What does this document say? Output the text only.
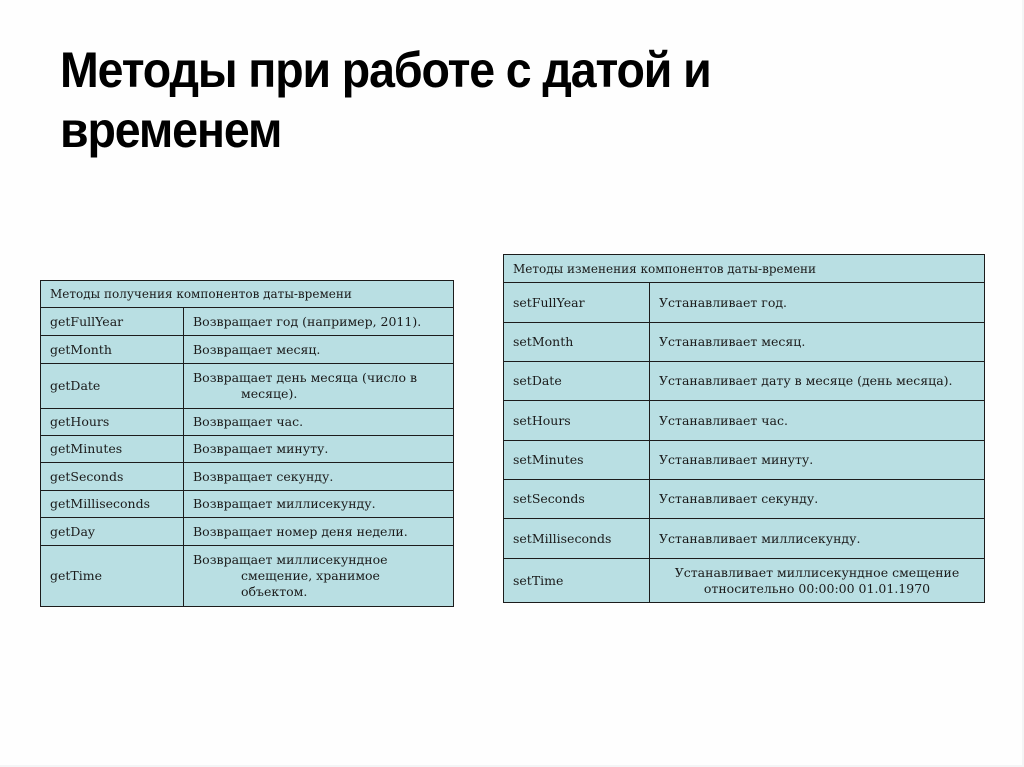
Методы при работе с датой и временем
Методы получения компонентов даты-времени	
getFullYear	Возвращает год (например, 2011).
getMonth	Возвращает месяц.
getDate	Возвращает день месяца (число в
месяце).

getHours	Возвращает час.
getMinutes	Возвращает минуту.
getSeconds	Возвращает секунду.
getMilliseconds	Возвращает миллисекунду.
getDay	Возвращает номер деня недели.
getTime	Возвращает миллисекундное
смещение, хранимое
объектом.
Методы изменения компонентов даты-времени	
setFullYear	Устанавливает год.
setMonth	Устанавливает месяц.
setDate	Устанавливает дату в месяце (день месяца).
setHours	Устанавливает час.
setMinutes	Устанавливает минуту.
setSeconds	Устанавливает секунду.
setMilliseconds	Устанавливает миллисекунду.
setTime	Устанавливает миллисекундное смещение
относительно 00:00:00 01.01.1970
